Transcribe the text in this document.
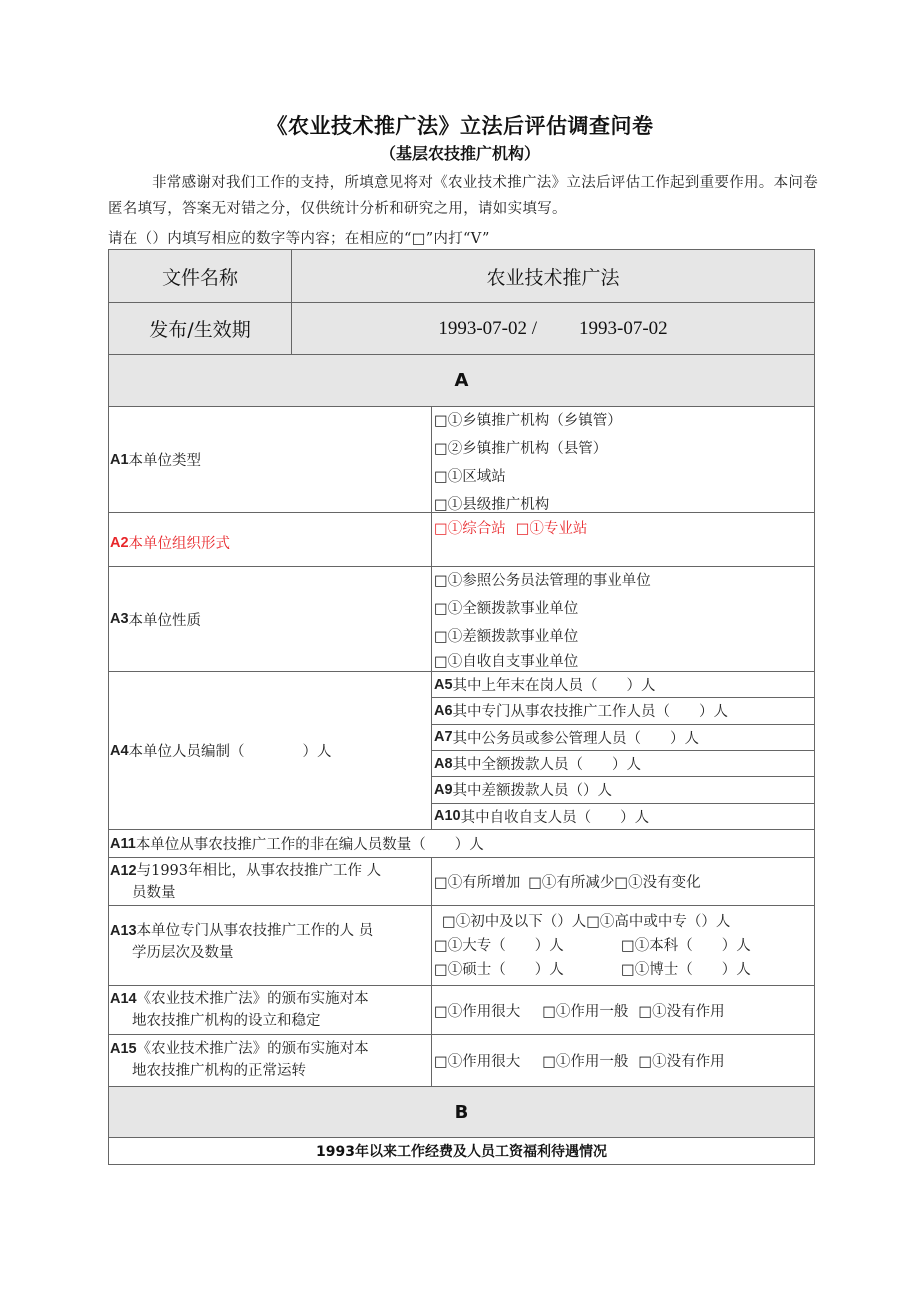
《农业技术推广法》立法后评估调查问卷
（基层农技推广机构）
非常感谢对我们工作的支持，所填意见将对《农业技术推广法》立法后评估工作起到重要作用。本问卷匿名填写，答案无对错之分，仅供统计分析和研究之用，请如实填写。
请在（）内填写相应的数字等内容；在相应的“□”内打“V”
文件名称	农业技术推广法
发布/生效期	1993-07-02 / 1993-07-02
A
A1 本单位类型
□①乡镇推广机构（乡镇管）
□②乡镇推广机构（县管）
□①区域站
□①县级推广机构
A2 本单位组织形式
□①综合站 □①专业站
A3 本单位性质
□①参照公务员法管理的事业单位
□①全额拨款事业单位
□①差额拨款事业单位
□①自收自支事业单位
A4 本单位人员编制（　　　　）人
A5 其中上年末在岗人员（　　）人
A6 其中专门从事农技推广工作人员（　　）人
A7 其中公务员或参公管理人员（　　）人
A8 其中全额拨款人员（　　）人
A9 其中差额拨款人员（）人
A10 其中自收自支人员（　　）人
A11 本单位从事农技推广工作的非在编人员数量（　　）人
A12与1993年相比，从事农技推广工作 人
员数量
□①有所增加 □①有所减少 □①没有变化
A13本单位专门从事农技推广工作的人 员
学历层次及数量
□①初中及以下（）人□①高中或中专（）人
□①大专（　　）人	□①本科（　　）人
□①硕士（　　）人	□①博士（　　）人
A14《农业技术推广法》的颁布实施对本
地农技推广机构的设立和稳定
□①作用很大 □①作用一般 □①没有作用
A15《农业技术推广法》的颁布实施对本
地农技推广机构的正常运转
□①作用很大 □①作用一般 □①没有作用
B
1993年以来工作经费及人员工资福利待遇情况
